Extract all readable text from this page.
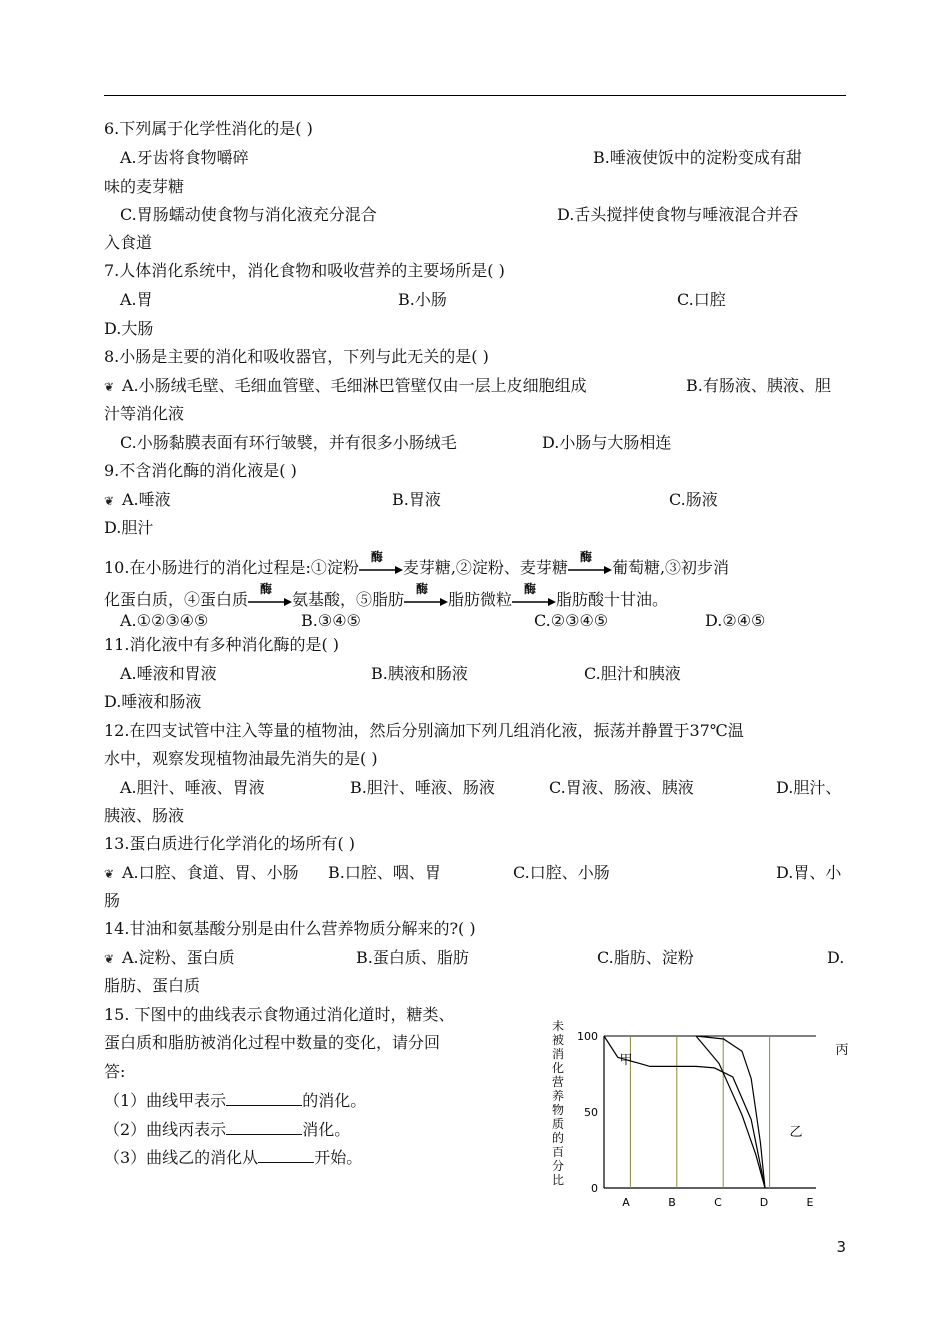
6.下列属于化学性消化的是( )
A.牙齿将食物嚼碎	B.唾液使饭中的淀粉变成有甜
味的麦芽糖
C.胃肠蠕动使食物与消化液充分混合	D.舌头搅拌使食物与唾液混合并吞
入食道
7.人体消化系统中，消化食物和吸收营养的主要场所是( )
A.胃	B.小肠	C.口腔
D.大肠
8.小肠是主要的消化和吸收器官，下列与此无关的是( )
❦ A.小肠绒毛壁、毛细血管壁、毛细淋巴管壁仅由一层上皮细胞组成	B.有肠液、胰液、胆
汁等消化液
C.小肠黏膜表面有环行皱襞，并有很多小肠绒毛	D.小肠与大肠相连
9.不含消化酶的消化液是( )
❦ A.唾液	B.胃液	C.肠液
D.胆汁
10.在小肠进行的消化过程是:①淀粉
酶
麦芽糖,②淀粉、麦芽糖
酶
葡萄糖,③初步消
化蛋白质，④蛋白质
酶
氨基酸，⑤脂肪
酶
脂肪微粒
酶
脂肪酸十甘油。
A.①②③④⑤	B.③④⑤	C.②③④⑤	D.②④⑤
11.消化液中有多种消化酶的是( )
A.唾液和胃液	B.胰液和肠液	C.胆汁和胰液
D.唾液和肠液
12.在四支试管中注入等量的植物油，然后分别滴加下列几组消化液，振荡并静置于37℃温
水中，观察发现植物油最先消失的是( )
A.胆汁、唾液、胃液	B.胆汁、唾液、肠液	C.胃液、肠液、胰液	D.胆汁、
胰液、肠液
13.蛋白质进行化学消化的场所有( )
❦ A.口腔、食道、胃、小肠	B.口腔、咽、胃	C.口腔、小肠	D.胃、小
肠
14.甘油和氨基酸分别是由什么营养物质分解来的?( )
❦ A.淀粉、蛋白质	B.蛋白质、脂肪	C.脂肪、淀粉	D.
脂肪、蛋白质
15. 下图中的曲线表示食物通过消化道时，糖类、
蛋白质和脂肪被消化过程中数量的变化，请分回
答:
（1）曲线甲表示	的消化。
（2）曲线丙表示	消化。
（3）曲线乙的消化从	开始。
未
被
消
化
营
养
物
质
的
百
分
比
100
50
0
A	B	C	D	E
甲
乙
丙
3
